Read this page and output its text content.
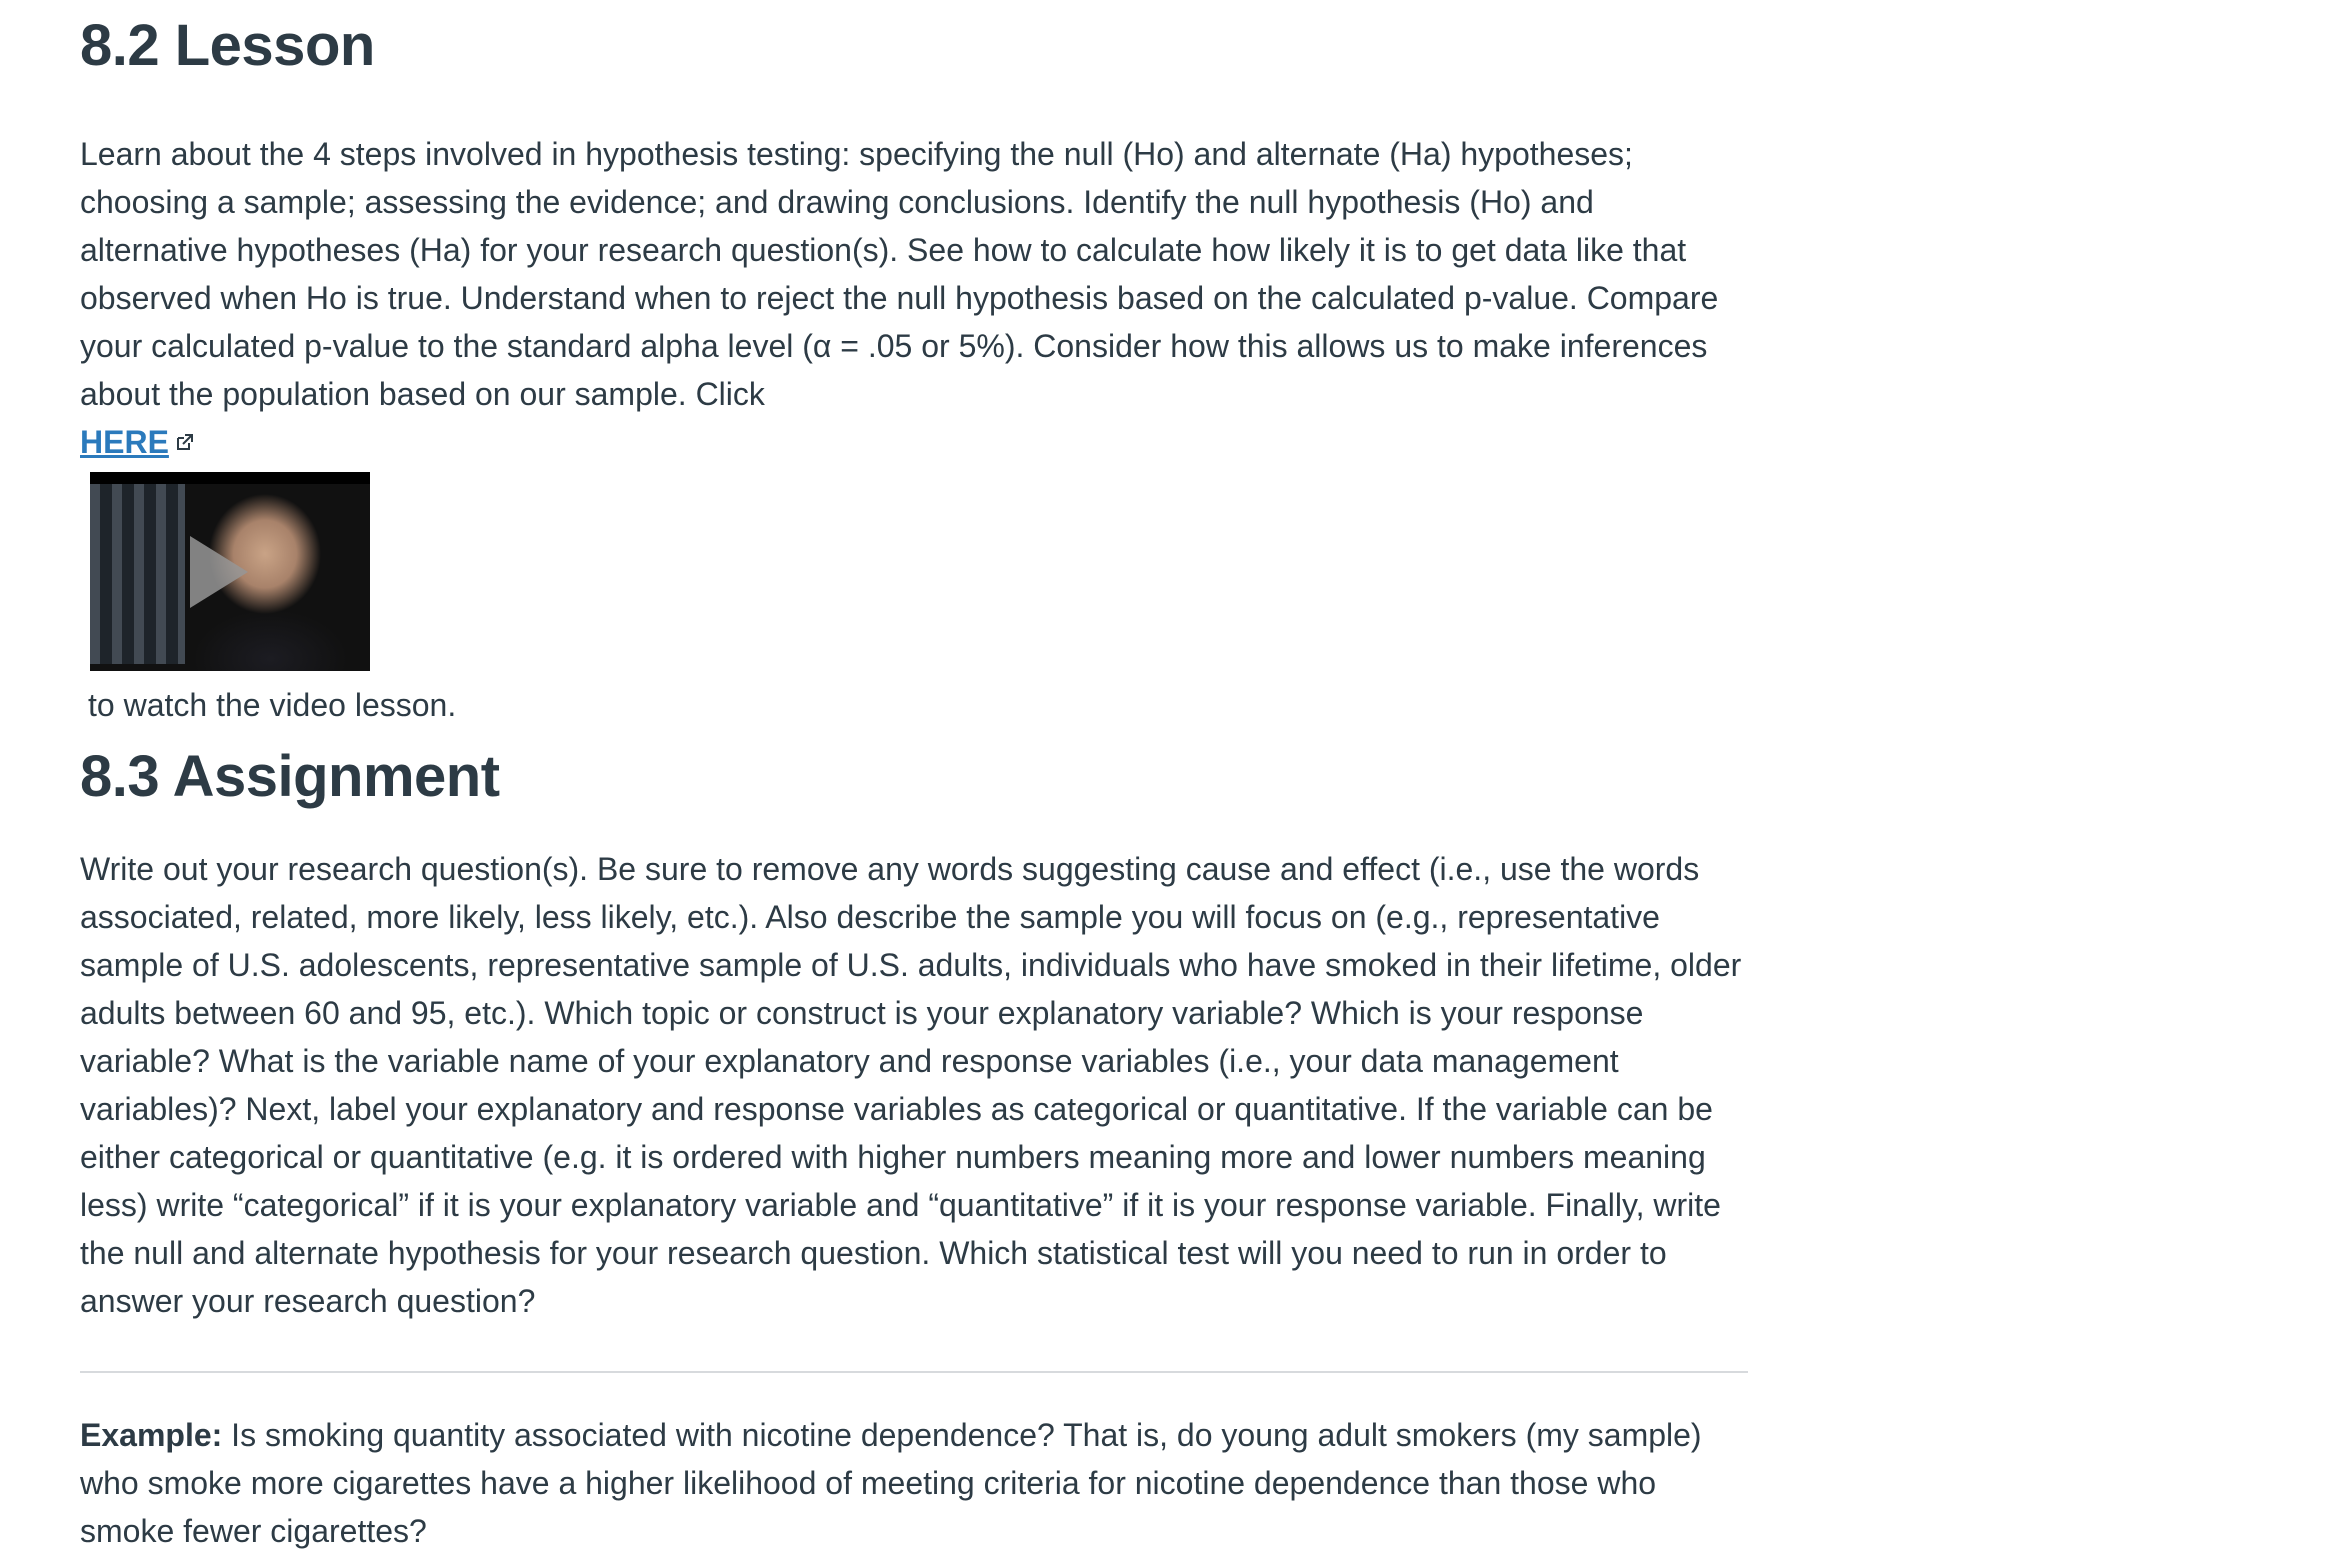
8.2 Lesson

Learn about the 4 steps involved in hypothesis testing: specifying the null (Ho) and alternate (Ha) hypotheses; choosing a sample; assessing the evidence; and drawing conclusions. Identify the null hypothesis (Ho) and alternative hypotheses (Ha) for your research question(s). See how to calculate how likely it is to get data like that observed when Ho is true. Understand when to reject the null hypothesis based on the calculated p-value. Compare your calculated p-value to the standard alpha level (α = .05 or 5%). Consider how this allows us to make inferences about the population based on our sample. Click

HERE

to watch the video lesson.

8.3 Assignment

Write out your research question(s). Be sure to remove any words suggesting cause and effect (i.e., use the words associated, related, more likely, less likely, etc.). Also describe the sample you will focus on (e.g., representative sample of U.S. adolescents, representative sample of U.S. adults, individuals who have smoked in their lifetime, older adults between 60 and 95, etc.). Which topic or construct is your explanatory variable? Which is your response variable? What is the variable name of your explanatory and response variables (i.e., your data management variables)? Next, label your explanatory and response variables as categorical or quantitative. If the variable can be either categorical or quantitative (e.g. it is ordered with higher numbers meaning more and lower numbers meaning less) write “categorical” if it is your explanatory variable and “quantitative” if it is your response variable. Finally, write the null and alternate hypothesis for your research question. Which statistical test will you need to run in order to answer your research question?

Example: Is smoking quantity associated with nicotine dependence? That is, do young adult smokers (my sample) who smoke more cigarettes have a higher likelihood of meeting criteria for nicotine dependence than those who smoke fewer cigarettes?
